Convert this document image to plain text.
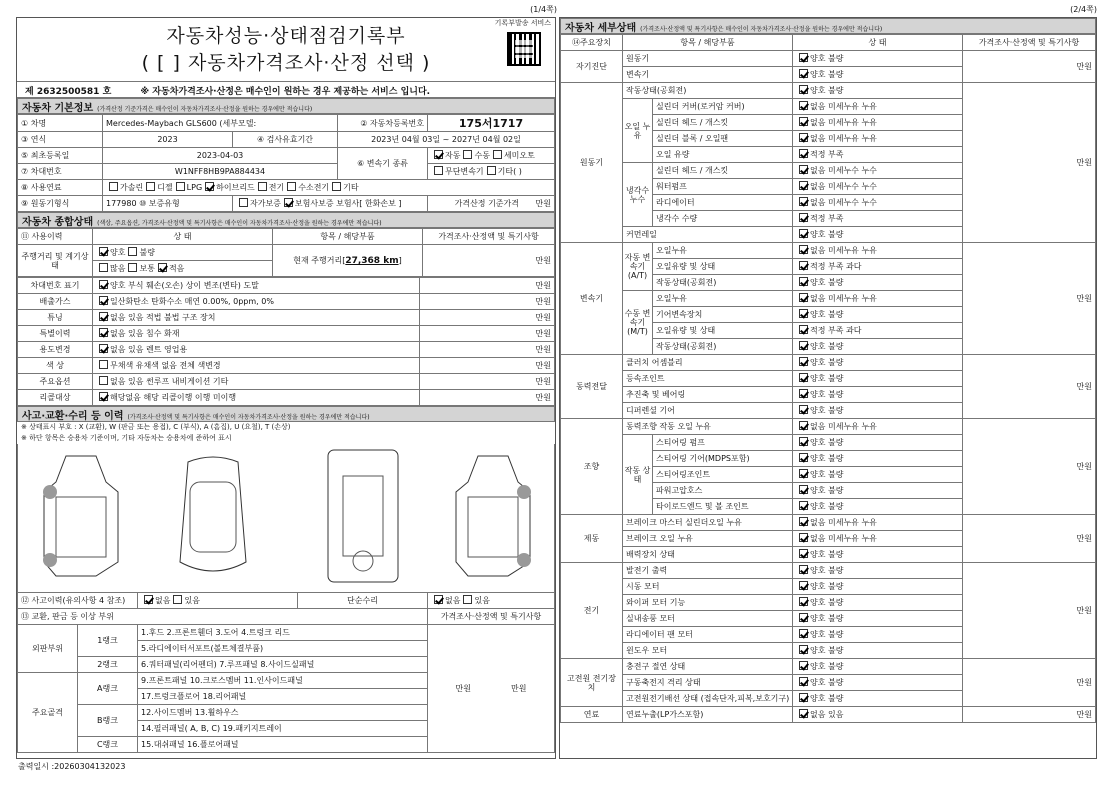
(1/4쪽)	(2/4쪽)
자동차성능·상태점검기록부
( [ ] 자동차가격조사·산정 선택 )
기록부발송 서비스
제 2632500581 호	※ 자동차가격조사·산정은 매수인이 원하는 경우 제공하는 서비스 입니다.
자동차 기본정보 (가격산정 기준가격은 매수인이 자동차가격조사·산정을 원하는 경우에만 적습니다)
① 차명	Mercedes-Maybach GLS600 (세부모델:		② 자동차등록번호	175서1717
③ 연식	2023	④ 검사유효기간	2023년 04월 03일 ~ 2027년 04월 02일	
⑤ 최초등록일	2023-04-03		⑥ 변속기 종류	자동 수동 세미오토
⑦ 차대번호	W1NFF8HB9PA884434			무단변속기 기타( )
⑧ 사용연료	가솔린 디젤 LPG 하이브리드 전기 수소전기 기타			
⑨ 원동기형식	177980 ⑩ 보증유형	자가보증 보험사보증 보험사[ 한화손보 ]		가격산정 기준가격 만원
자동차 종합상태 (색상, 주요옵션, 가격조사·산정액 및 특기사항은 매수인이 자동차가격조사·산정을 원하는 경우에만 적습니다)
⑪ 사용이력	상 태	항목 / 해당부품	가격조사·산정액 및 특기사항
주행거리 및 계기상태	양호 불량	현재 주행거리[27,368 km]	만원
	많음 보통 적음		
차대번호 표기	양호 부식 훼손(오손) 상이 변조(변타) 도말	만원
배출가스	일산화탄소 탄화수소 매연 0.00%, 0ppm, 0%	만원
튜닝	없음 있음 적법 불법 구조 장치	만원
특별이력	없음 있음 침수 화재	만원
용도변경	없음 있음 렌트 영업용	만원
색 상	무채색 유채색 없음 전체 색변경	만원
주요옵션	없음 있음 썬루프 내비게이션 기타	만원
리콜대상	해당없음 해당 리콜이행 이행 미이행	만원
사고·교환·수리 등 이력 (가격조사·산정액 및 특기사항은 매수인이 자동차가격조사·산정을 원하는 경우에만 적습니다)
※ 상태표시 부호 : X (교환), W (판금 또는 용접), C (부식), A (흠집), U (요철), T (손상)
※ 하단 항목은 승용차 기준이며, 기타 자동차는 승용차에 준하여 표시
⑫ 사고이력(유의사항 4 참조)		없음 있음	단순수리	없음 있음
⑬ 교환, 판금 등 이상 부위				가격조사·산정액 및 특기사항
외판부위	1랭크	1.후드 2.프론트휀더 3.도어 4.트렁크 리드		만원 만원
		5.라디에이터서포트(볼트체결부품)		
	2랭크	6.쿼터패널(리어펜더) 7.루프패널 8.사이드실패널		
주요골격	A랭크	9.프론트패널 10.크로스멤버 11.인사이드패널		
		17.트렁크플로어 18.리어패널		
	B랭크	12.사이드멤버 13.휠하우스		
		14.필러패널( A, B, C) 19.패키지트레이		
	C랭크	15.대쉬패널 16.플로어패널		
출력일시 :20260304132023
자동차 세부상태 (가격조사·산정액 및 특기사항은 매수인이 자동차가격조사·산정을 원하는 경우에만 적습니다)
⑭주요장치	항목 / 해당부품		상 태	가격조사·산정액 및 특기사항
자기진단	원동기		양호 불량	만원
	변속기		양호 불량	
원동기	작동상태(공회전)		양호 불량	만원
	오일 누유	실린더 커버(로커암 커버)	없음 미세누유 누유	
		실린더 헤드 / 개스킷	없음 미세누유 누유	
		실린더 블록 / 오일팬	없음 미세누유 누유	
		오일 유량	적정 부족	
	냉각수 누수	실린더 헤드 / 개스킷	없음 미세누수 누수	
		워터펌프	없음 미세누수 누수	
		라디에이터	없음 미세누수 누수	
		냉각수 수량	적정 부족	
	커먼레일		양호 불량	
변속기	자동 변속기 (A/T)	오일누유	없음 미세누유 누유	만원
		오일유량 및 상태	적정 부족 과다	
		작동상태(공회전)	양호 불량	
	수동 변속기 (M/T)	오일누유	없음 미세누유 누유	
		기어변속장치	양호 불량	
		오일유량 및 상태	적정 부족 과다	
		작동상태(공회전)	양호 불량	
동력전달	클러치 어셈블리		양호 불량	만원
	등속조인트		양호 불량	
	추진축 및 베어링		양호 불량	
	디퍼렌셜 기어		양호 불량	
조향	동력조향 작동 오일 누유		없음 미세누유 누유	만원
	작동 상태	스티어링 펌프	양호 불량	
		스티어링 기어(MDPS포함)	양호 불량	
		스티어링조인트	양호 불량	
		파워고압호스	양호 불량	
		타이로드엔드 및 볼 조인트	양호 불량	
제동	브레이크 마스터 실린더오일 누유		없음 미세누유 누유	만원
	브레이크 오일 누유		없음 미세누유 누유	
	배력장치 상태		양호 불량	
전기	발전기 출력		양호 불량	만원
	시동 모터		양호 불량	
	와이퍼 모터 기능		양호 불량	
	실내송풍 모터		양호 불량	
	라디에이터 팬 모터		양호 불량	
	윈도우 모터		양호 불량	
고전원 전기장치	충전구 절연 상태		양호 불량	만원
	구동축전지 격리 상태		양호 불량	
	고전원전기배선 상태 (접속단자,피복,보호기구)		양호 불량	
연료	연료누출(LP가스포함)		없음 있음	만원
